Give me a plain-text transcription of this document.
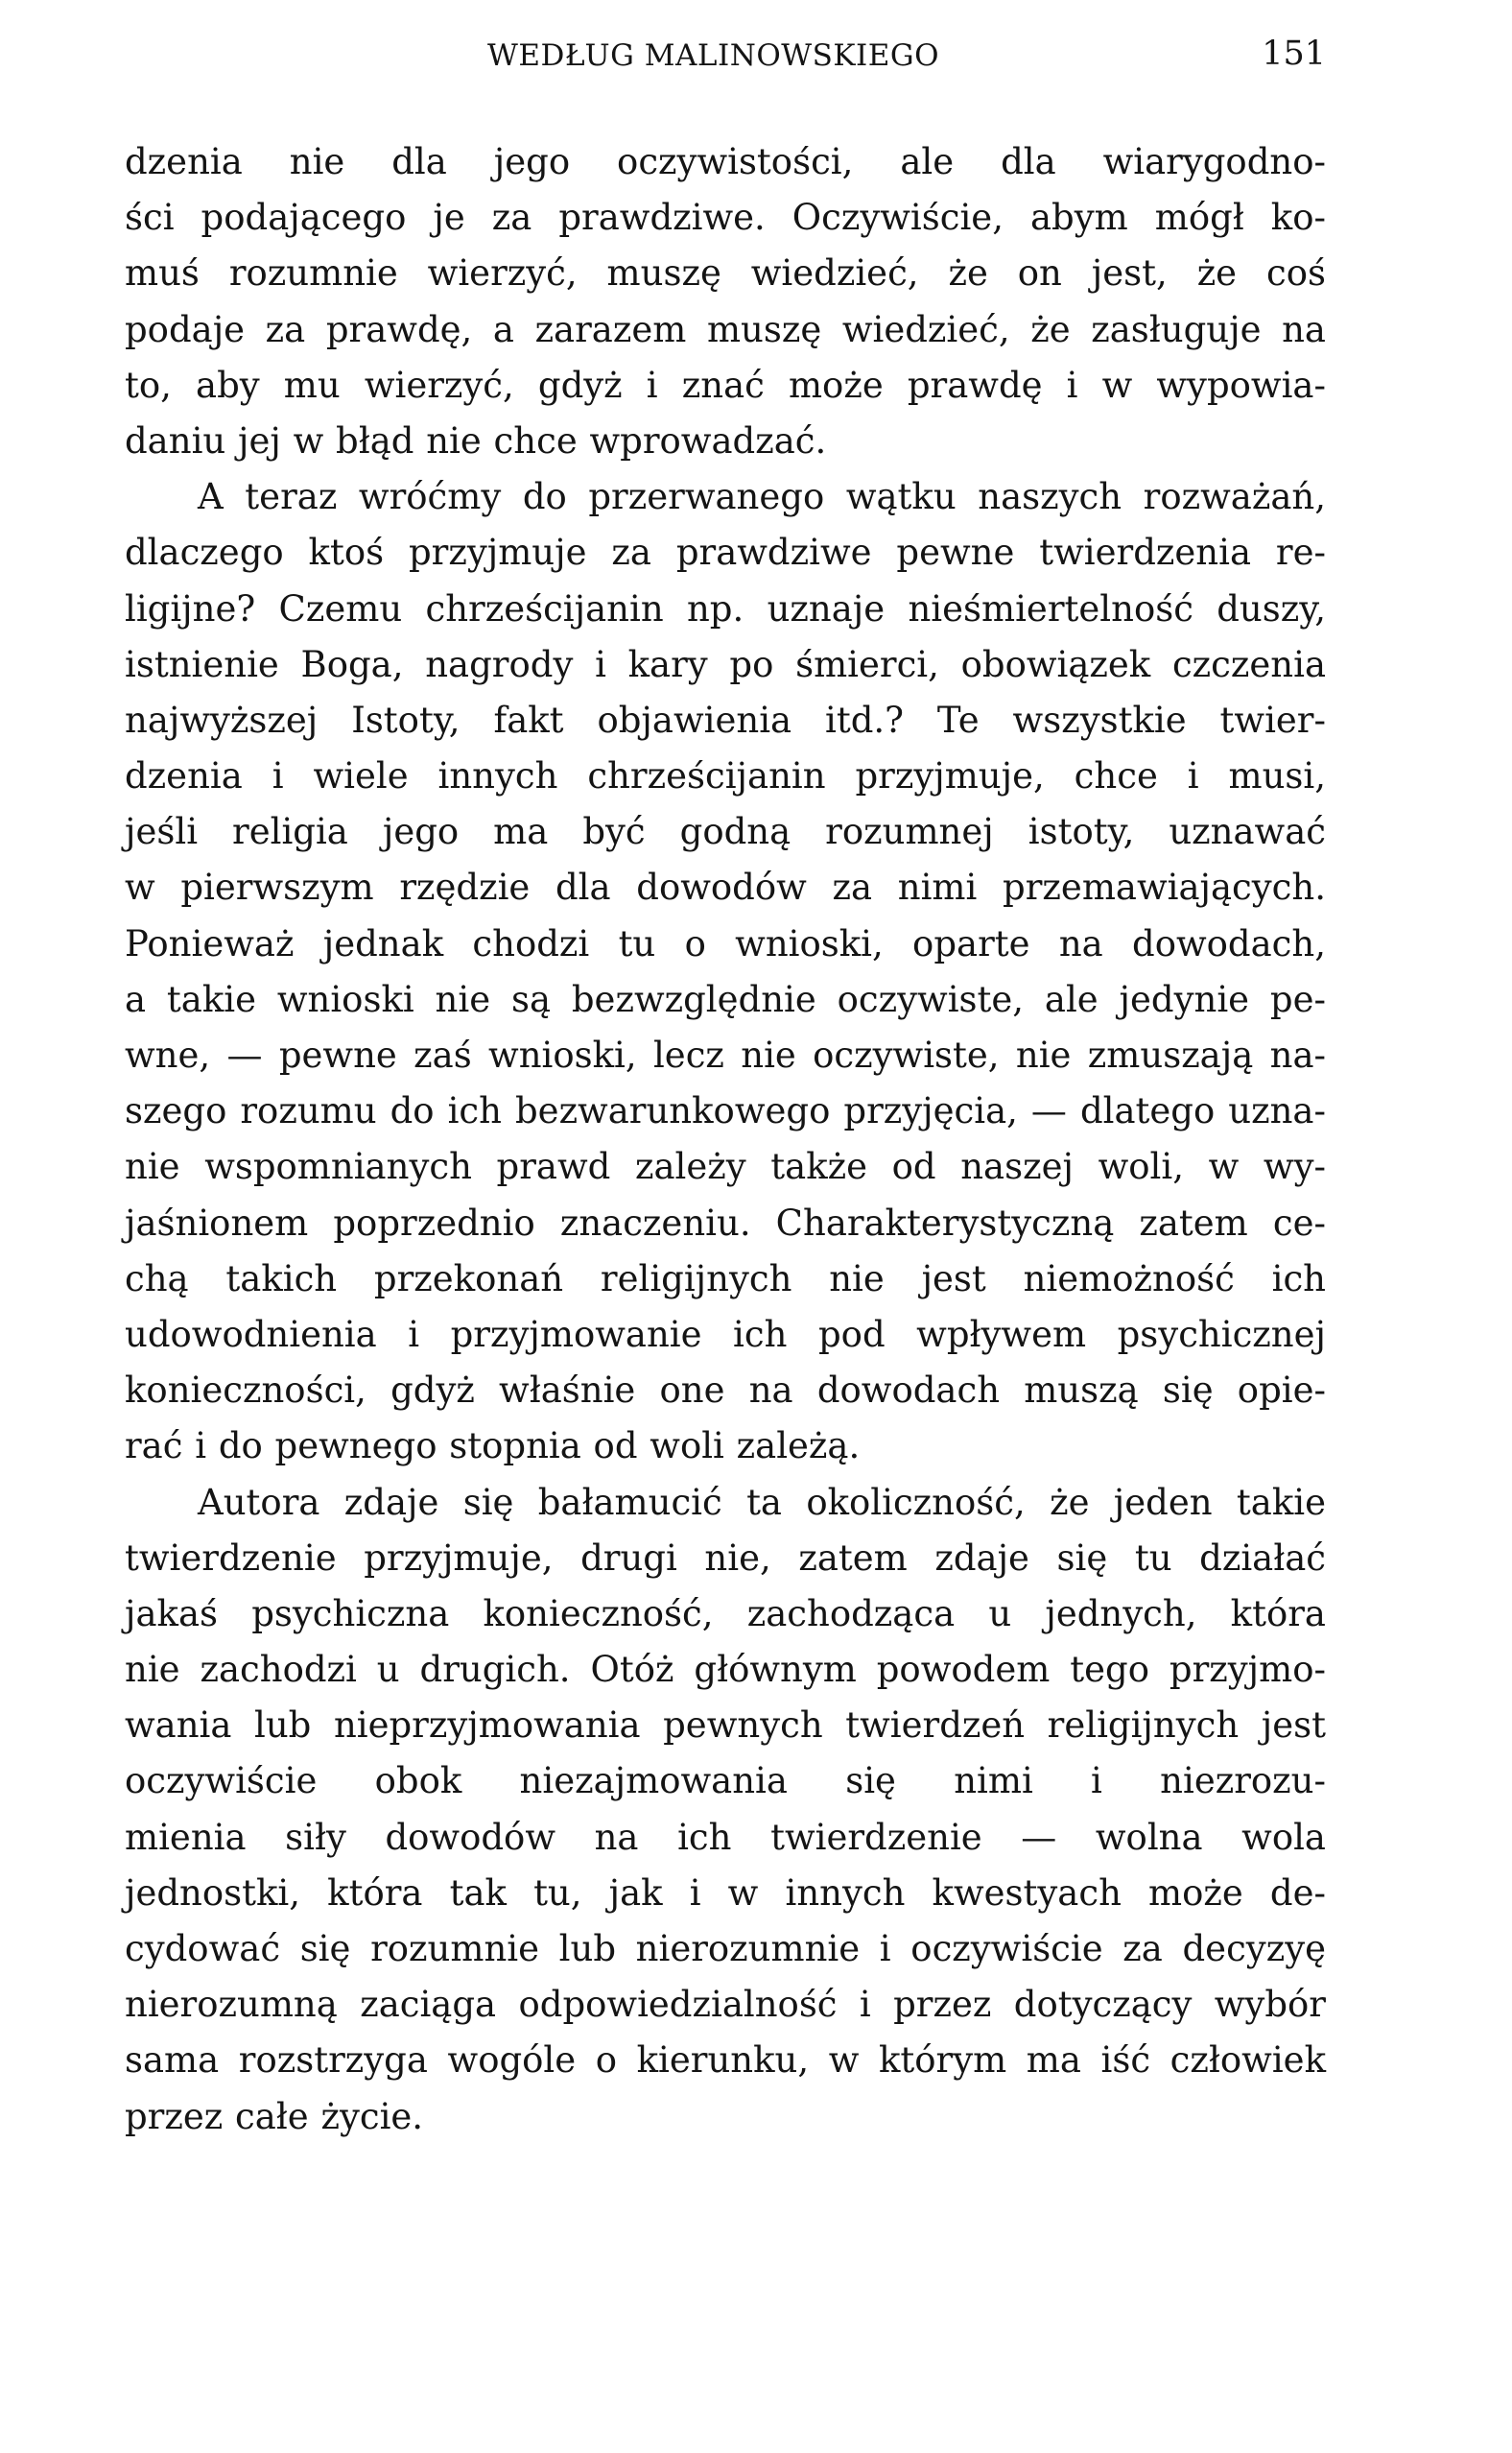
WEDŁUG MALINOWSKIEGO	151
dzenia nie dla jego oczywistości, ale dla wiarygodno-
ści podającego je za prawdziwe. Oczywiście, abym mógł ko-
muś rozumnie wierzyć, muszę wiedzieć, że on jest, że coś
podaje za prawdę, a zarazem muszę wiedzieć, że zasługuje na
to, aby mu wierzyć, gdyż i znać może prawdę i w wypowia-
daniu jej w błąd nie chce wprowadzać.
A teraz wróćmy do przerwanego wątku naszych rozważań,
dlaczego ktoś przyjmuje za prawdziwe pewne twierdzenia re-
ligijne? Czemu chrześcijanin np. uznaje nieśmiertelność duszy,
istnienie Boga, nagrody i kary po śmierci, obowiązek czczenia
najwyższej Istoty, fakt objawienia itd.? Te wszystkie twier-
dzenia i wiele innych chrześcijanin przyjmuje, chce i musi,
jeśli religia jego ma być godną rozumnej istoty, uznawać
w pierwszym rzędzie dla dowodów za nimi przemawiających.
Ponieważ jednak chodzi tu o wnioski, oparte na dowodach,
a takie wnioski nie są bezwzględnie oczywiste, ale jedynie pe-
wne, — pewne zaś wnioski, lecz nie oczywiste, nie zmuszają na-
szego rozumu do ich bezwarunkowego przyjęcia, — dlatego uzna-
nie wspomnianych prawd zależy także od naszej woli, w wy-
jaśnionem poprzednio znaczeniu. Charakterystyczną zatem ce-
chą takich przekonań religijnych nie jest niemożność ich
udowodnienia i przyjmowanie ich pod wpływem psychicznej
konieczności, gdyż właśnie one na dowodach muszą się opie-
rać i do pewnego stopnia od woli zależą.
Autora zdaje się bałamucić ta okoliczność, że jeden takie
twierdzenie przyjmuje, drugi nie, zatem zdaje się tu działać
jakaś psychiczna konieczność, zachodząca u jednych, która
nie zachodzi u drugich. Otóż głównym powodem tego przyjmo-
wania lub nieprzyjmowania pewnych twierdzeń religijnych jest
oczywiście obok niezajmowania się nimi i niezrozu-
mienia siły dowodów na ich twierdzenie — wolna wola
jednostki, która tak tu, jak i w innych kwestyach może de-
cydować się rozumnie lub nierozumnie i oczywiście za decyzyę
nierozumną zaciąga odpowiedzialność i przez dotyczący wybór
sama rozstrzyga wogóle o kierunku, w którym ma iść człowiek
przez całe życie.
